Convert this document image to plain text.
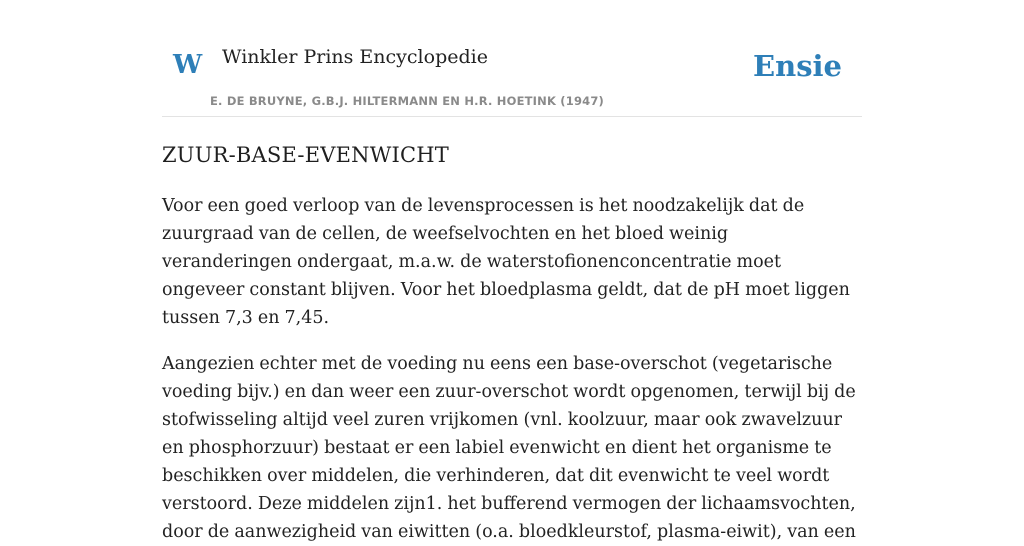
W Winkler Prins Encyclopedie
E. DE BRUYNE, G.B.J. HILTERMANN EN H.R. HOETINK (1947)
Ensie
ZUUR-BASE-EVENWICHT

Voor een goed verloop van de levensprocessen is het noodzakelijk dat de zuurgraad van de cellen, de weefselvochten en het bloed weinig veranderingen ondergaat, m.a.w. de waterstofionenconcentratie moet ongeveer constant blijven. Voor het bloedplasma geldt, dat de pH moet liggen tussen 7,3 en 7,45.

Aangezien echter met de voeding nu eens een base-overschot (vegetarische voeding bijv.) en dan weer een zuur-overschot wordt opgenomen, terwijl bij de stofwisseling altijd veel zuren vrijkomen (vnl. koolzuur, maar ook zwavelzuur en phosphorzuur) bestaat er een labiel evenwicht en dient het organisme te beschikken over middelen, die verhinderen, dat dit evenwicht te veel wordt verstoord. Deze middelen zijn1. het bufferend vermogen der lichaamsvochten, door de aanwezigheid van eiwitten (o.a. bloedkleurstof, plasma-eiwit), van een
